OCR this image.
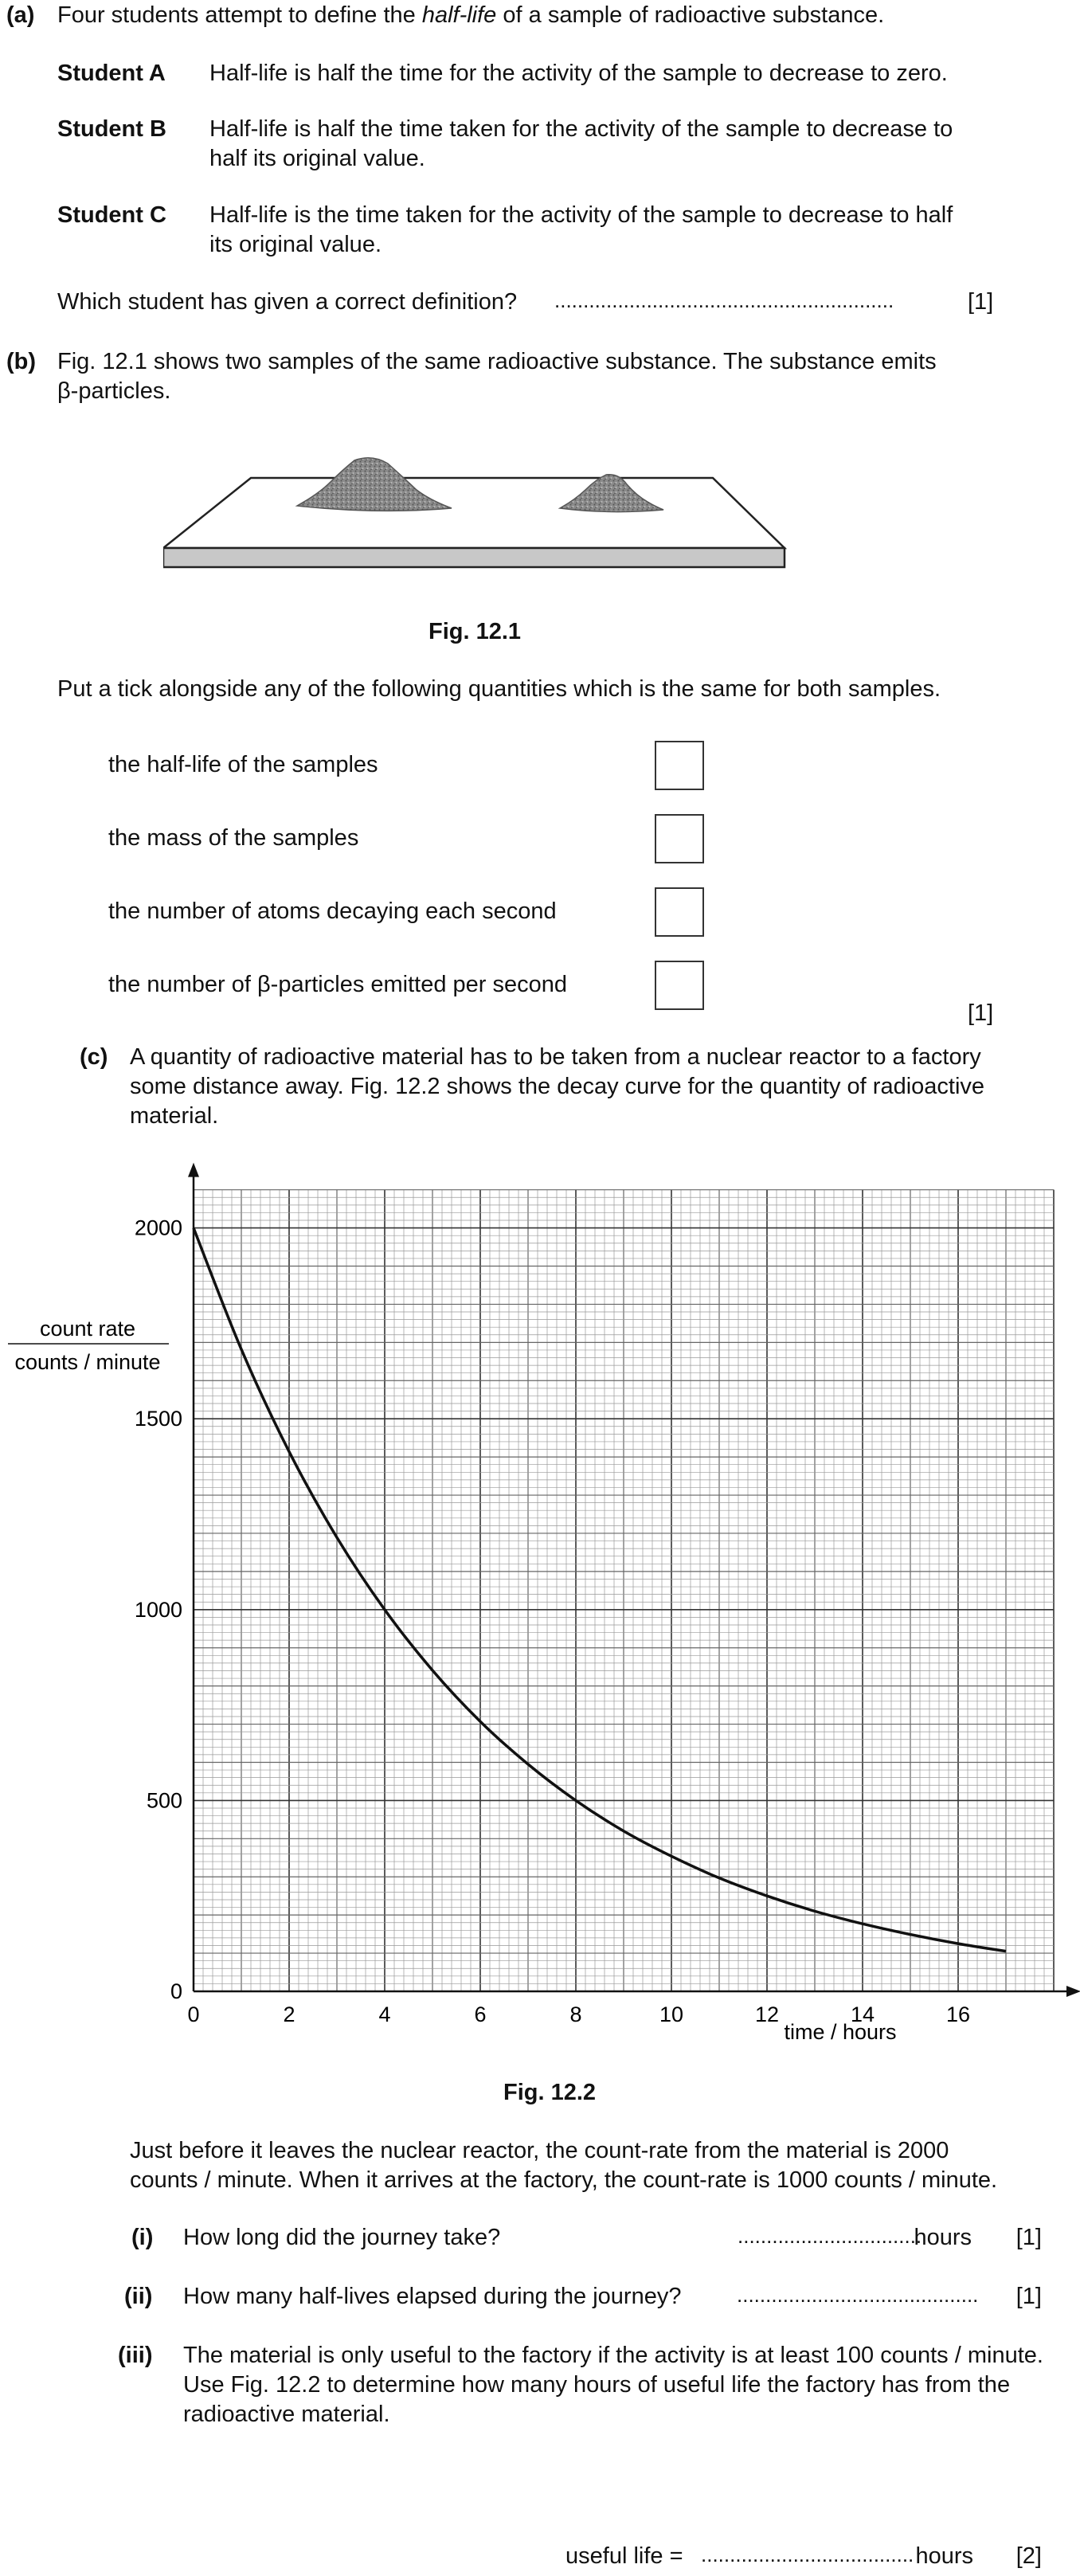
(a) Four students attempt to define the half-life of a sample of radioactive substance.
Student A Half-life is half the time for the activity of the sample to decrease to zero.
Student B Half-life is half the time taken for the activity of the sample to decrease to
half its original value.
Student C Half-life is the time taken for the activity of the sample to decrease to half
its original value.
Which student has given a correct definition? ...........................................................	[1]
(b) Fig. 12.1 shows two samples of the same radioactive substance. The substance emits
β-particles.
Fig. 12.1
Put a tick alongside any of the following quantities which is the same for both samples.
the half-life of the samples
the mass of the samples
the number of atoms decaying each second
the number of β-particles emitted per second
[1]
(c) A quantity of radioactive material has to be taken from a nuclear reactor to a factory
some distance away. Fig. 12.2 shows the decay curve for the quantity of radioactive
material.
0	2	4	6	8	10	12	14	16
0
500
1000
1500
2000
count rate
counts / minute
time / hours
Fig. 12.2
Just before it leaves the nuclear reactor, the count-rate from the material is 2000
counts / minute. When it arrives at the factory, the count-rate is 1000 counts / minute.
(i) How long did the journey take?	................................
hours [1]
(ii) How many half-lives elapsed during the journey?	.......................................... [1]
(iii) The material is only useful to the factory if the activity is at least 100 counts / minute.
Use Fig. 12.2 to determine how many hours of useful life the factory has from the
radioactive material.
useful life = ..................................... hours [2]
